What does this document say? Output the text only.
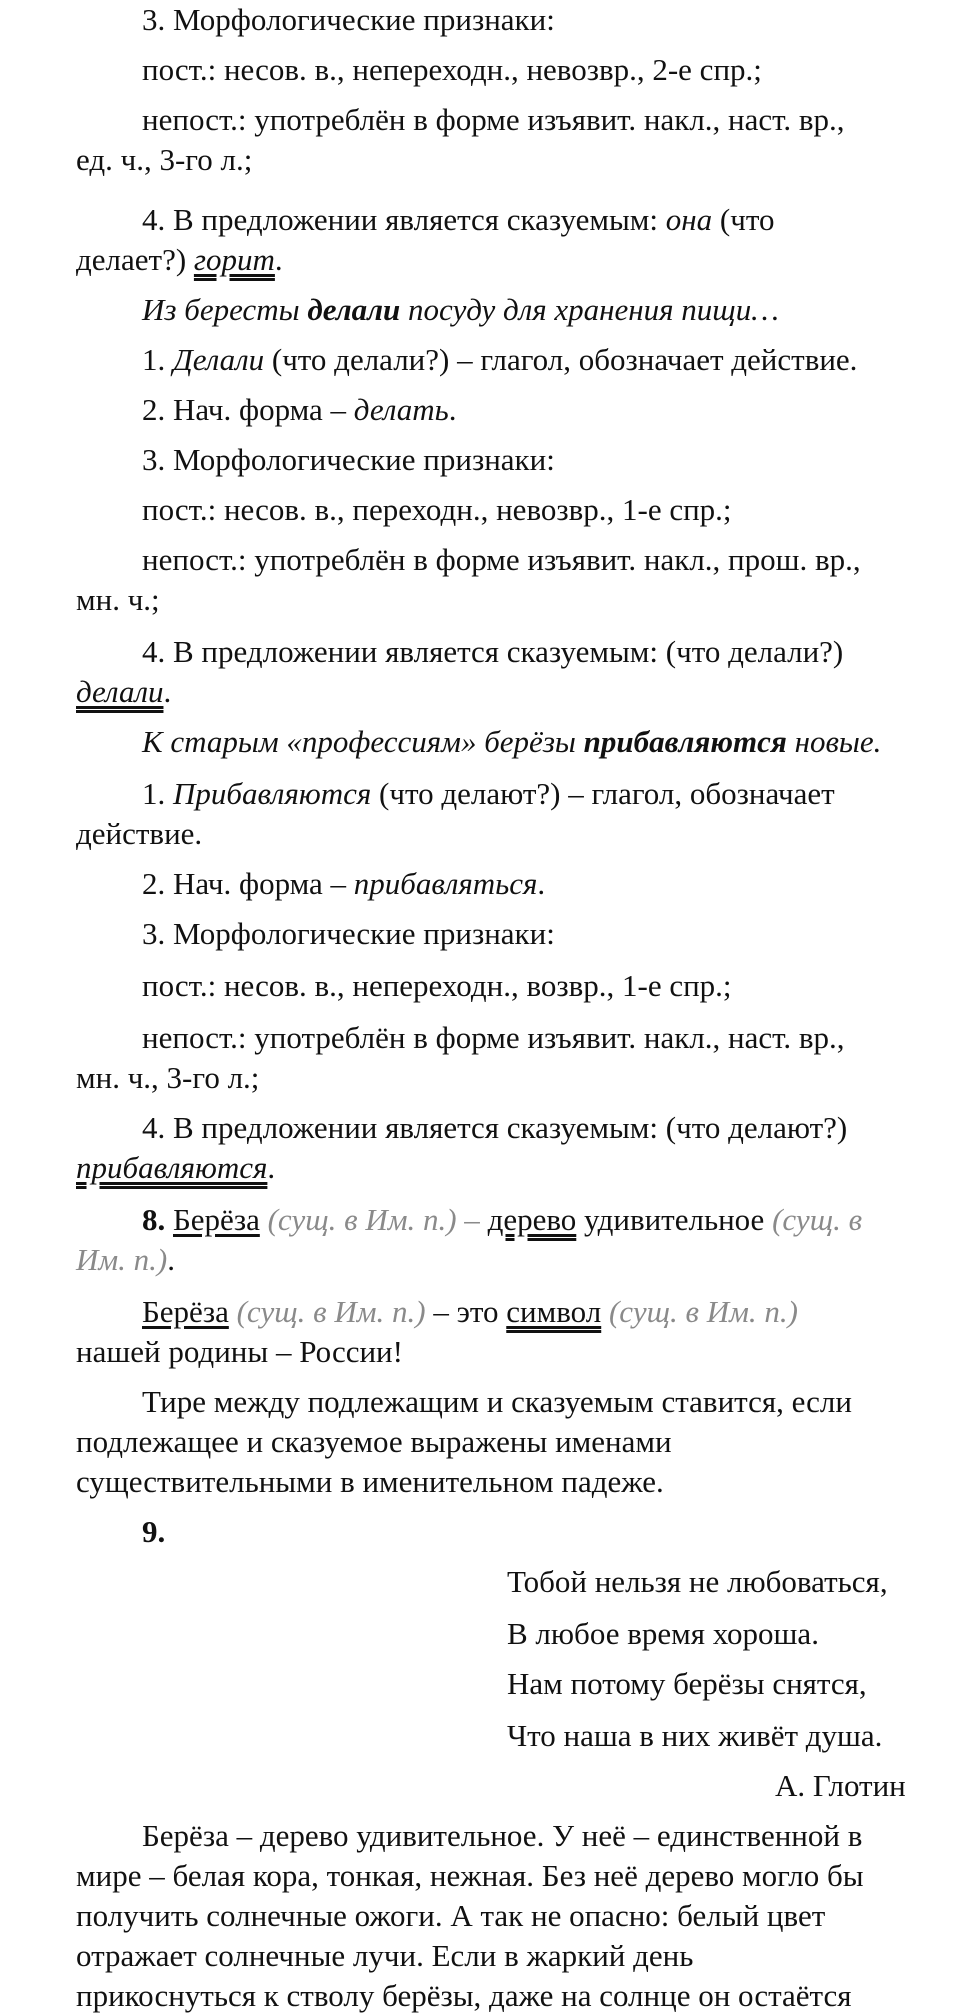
3. Морфологические признаки:
пост.: несов. в., непереходн., невозвр., 2-е спр.;
непост.: употреблён в форме изъявит. накл., наст. вр.,
ед. ч., 3-го л.;
4. В предложении является сказуемым: она (что
делает?) горит.
Из бересты делали посуду для хранения пищи…
1. Делали (что делали?) – глагол, обозначает действие.
2. Нач. форма – делать.
3. Морфологические признаки:
пост.: несов. в., переходн., невозвр., 1-е спр.;
непост.: употреблён в форме изъявит. накл., прош. вр.,
мн. ч.;
4. В предложении является сказуемым: (что делали?)
делали.
К старым «профессиям» берёзы прибавляются новые.
1. Прибавляются (что делают?) – глагол, обозначает
действие.
2. Нач. форма – прибавляться.
3. Морфологические признаки:
пост.: несов. в., непереходн., возвр., 1-е спр.;
непост.: употреблён в форме изъявит. накл., наст. вр.,
мн. ч., 3-го л.;
4. В предложении является сказуемым: (что делают?)
прибавляются.
8. Берёза (сущ. в Им. п.) – дерево удивительное (сущ. в
Им. п.).
Берёза (сущ. в Им. п.) – это символ (сущ. в Им. п.)
нашей родины – России!
Тире между подлежащим и сказуемым ставится, если
подлежащее и сказуемое выражены именами
существительными в именительном падеже.
9.
Тобой нельзя не любоваться,
В любое время хороша.
Нам потому берёзы снятся,
Что наша в них живёт душа.
А. Глотин
Берёза – дерево удивительное. У неё – единственной в
мире – белая кора, тонкая, нежная. Без неё дерево могло бы
получить солнечные ожоги. А так не опасно: белый цвет
отражает солнечные лучи. Если в жаркий день
прикоснуться к стволу берёзы, даже на солнце он остаётся
